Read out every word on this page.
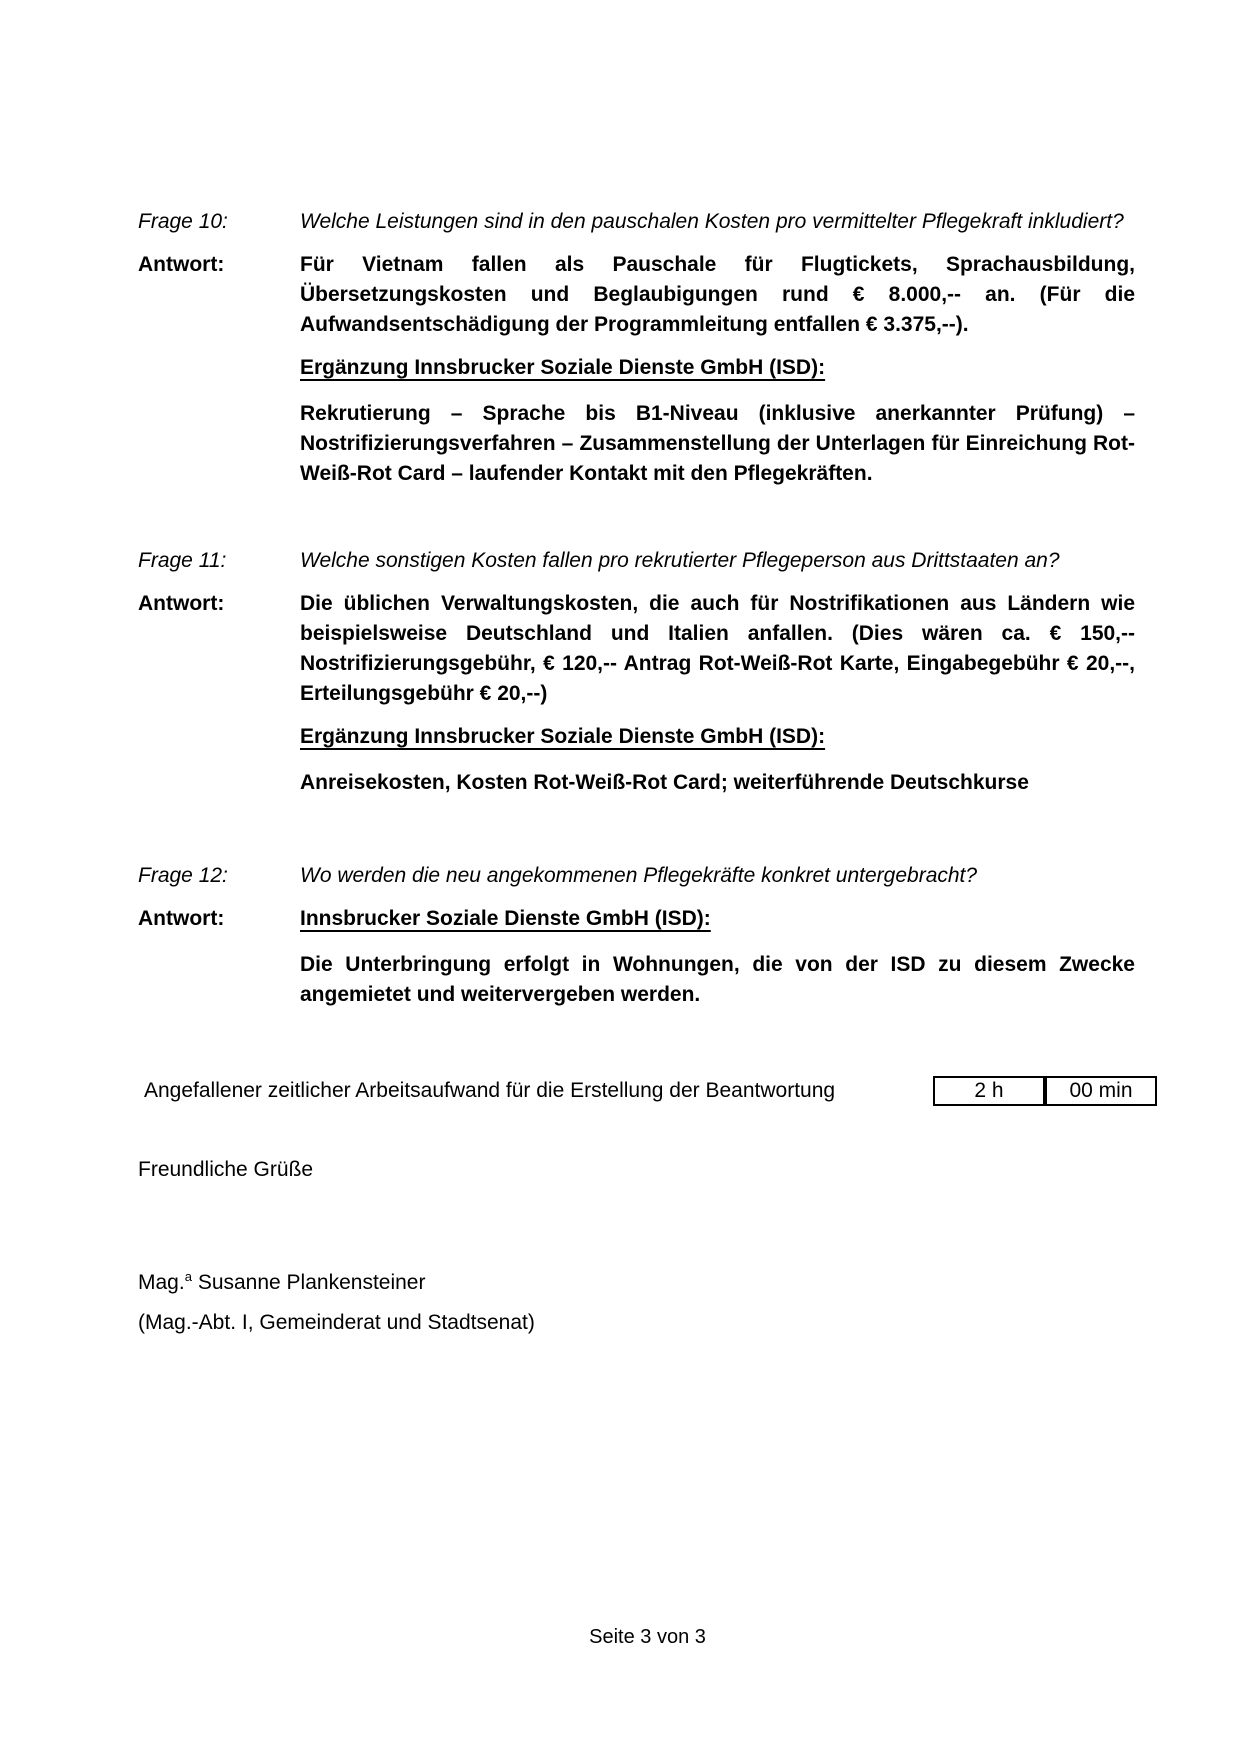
Frage 10:	Welche Leistungen sind in den pauschalen Kosten pro vermittelter Pflegekraft inkludiert?

Antwort:	Für Vietnam fallen als Pauschale für Flugtickets, Sprachausbildung, Übersetzungskosten und Beglaubigungen rund € 8.000,-- an. (Für die Aufwandsentschädigung der Programmleitung entfallen € 3.375,--).

Ergänzung Innsbrucker Soziale Dienste GmbH (ISD):

Rekrutierung – Sprache bis B1-Niveau (inklusive anerkannter Prüfung) – Nostrifizierungsverfahren – Zusammenstellung der Unterlagen für Einreichung Rot-Weiß-Rot Card – laufender Kontakt mit den Pflegekräften.

Frage 11:	Welche sonstigen Kosten fallen pro rekrutierter Pflegeperson aus Drittstaaten an?

Antwort:	Die üblichen Verwaltungskosten, die auch für Nostrifikationen aus Ländern wie beispielsweise Deutschland und Italien anfallen. (Dies wären ca. € 150,-- Nostrifizierungsgebühr, € 120,-- Antrag Rot-Weiß-Rot Karte, Eingabegebühr € 20,--, Erteilungsgebühr € 20,--)

Ergänzung Innsbrucker Soziale Dienste GmbH (ISD):

Anreisekosten, Kosten Rot-Weiß-Rot Card; weiterführende Deutschkurse

Frage 12:	Wo werden die neu angekommenen Pflegekräfte konkret untergebracht?

Antwort:	Innsbrucker Soziale Dienste GmbH (ISD):

Die Unterbringung erfolgt in Wohnungen, die von der ISD zu diesem Zwecke angemietet und weitervergeben werden.

Angefallener zeitlicher Arbeitsaufwand für die Erstellung der Beantwortung	2 h	00 min

Freundliche Grüße

Mag.$^a$ Susanne Plankensteiner

(Mag.-Abt. I, Gemeinderat und Stadtsenat)

Seite 3 von 3
